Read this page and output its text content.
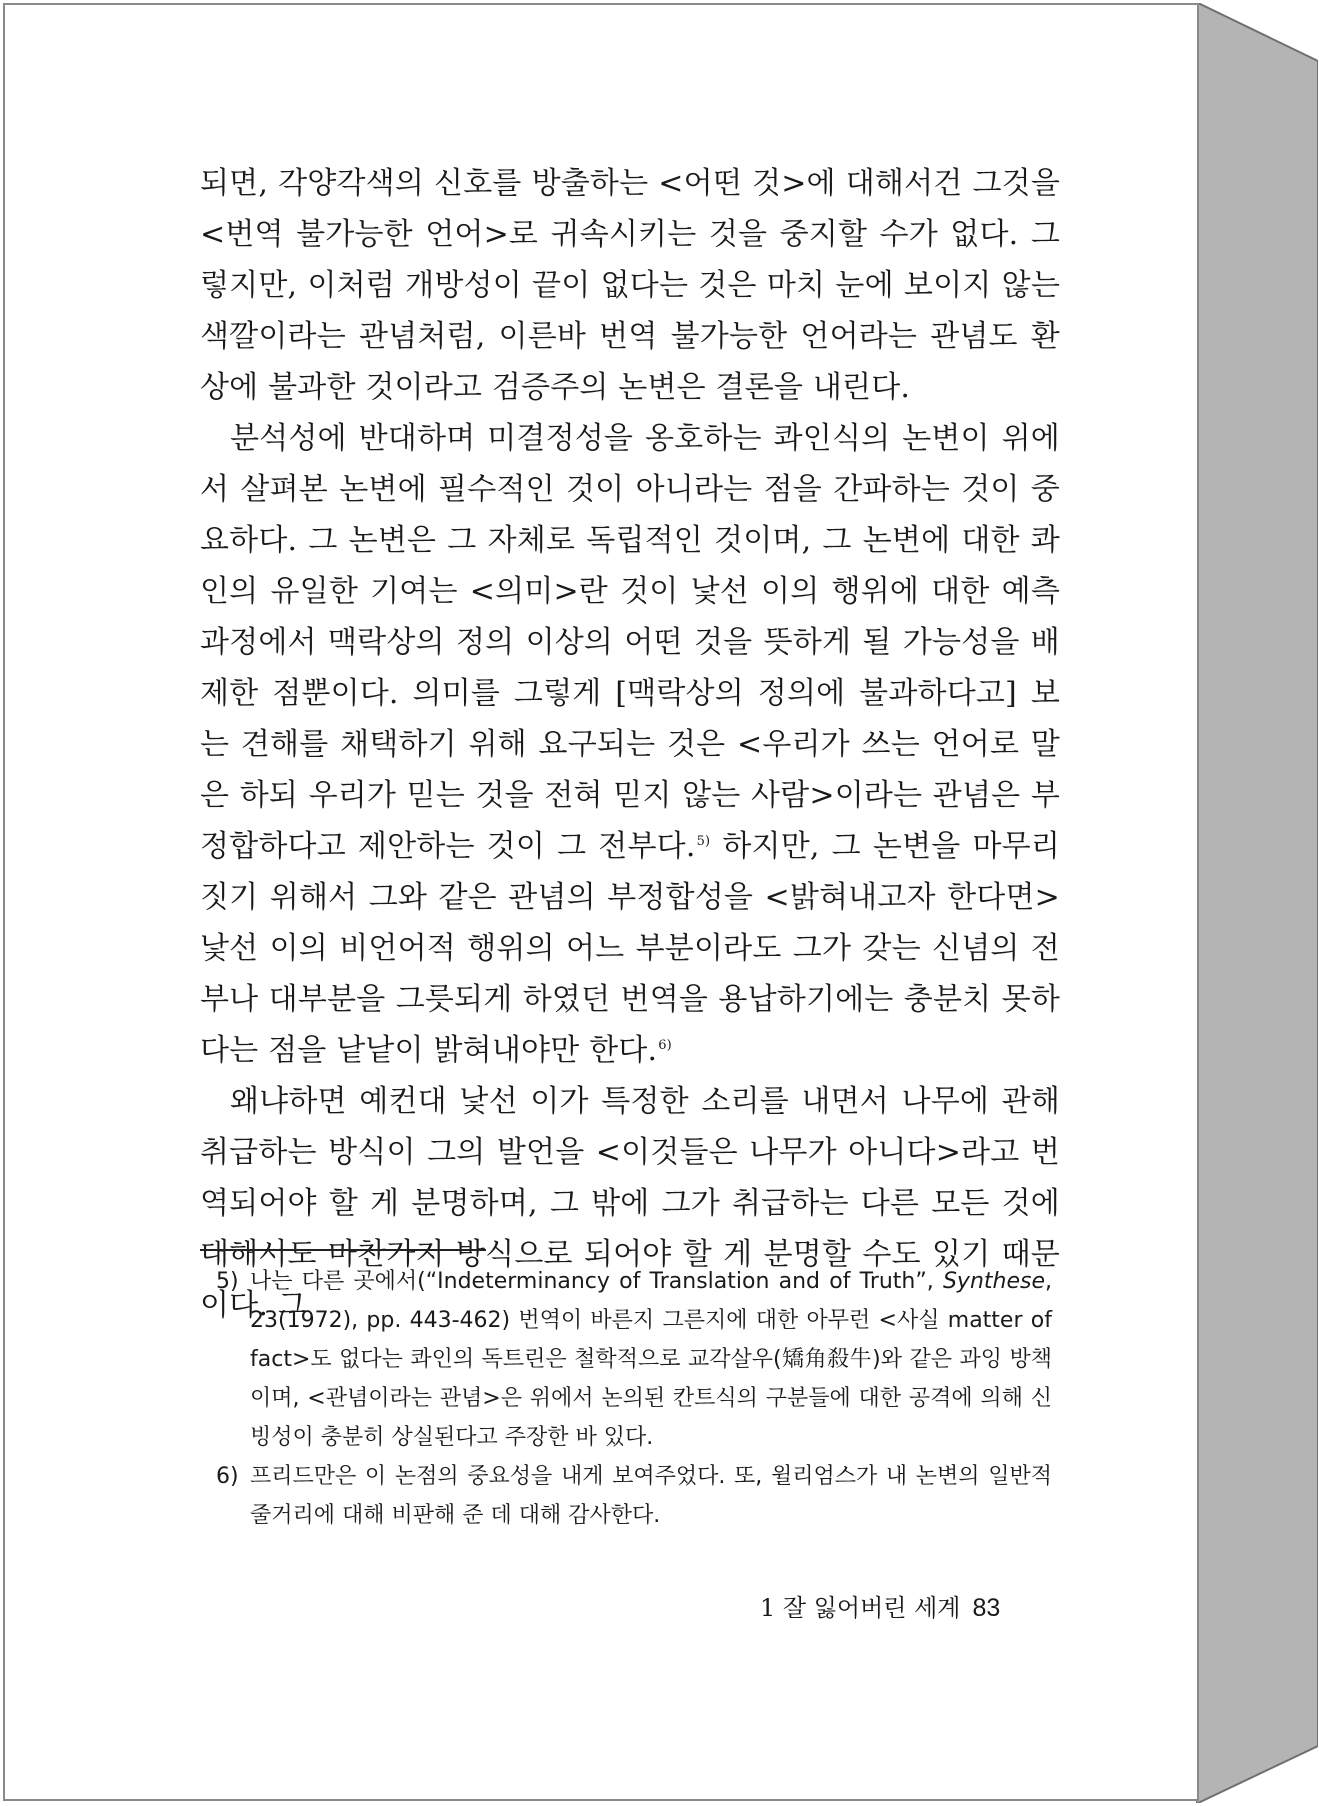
되면, 각양각색의 신호를 방출하는 <어떤 것>에 대해서건 그것을 <번역 불가능한 언어>로 귀속시키는 것을 중지할 수가 없다. 그렇지만, 이처럼 개방성이 끝이 없다는 것은 마치 눈에 보이지 않는 색깔이라는 관념처럼, 이른바 번역 불가능한 언어라는 관념도 환상에 불과한 것이라고 검증주의 논변은 결론을 내린다.

분석성에 반대하며 미결정성을 옹호하는 콰인식의 논변이 위에서 살펴본 논변에 필수적인 것이 아니라는 점을 간파하는 것이 중요하다. 그 논변은 그 자체로 독립적인 것이며, 그 논변에 대한 콰인의 유일한 기여는 <의미>란 것이 낯선 이의 행위에 대한 예측 과정에서 맥락상의 정의 이상의 어떤 것을 뜻하게 될 가능성을 배제한 점뿐이다. 의미를 그렇게 [맥락상의 정의에 불과하다고] 보는 견해를 채택하기 위해 요구되는 것은 <우리가 쓰는 언어로 말은 하되 우리가 믿는 것을 전혀 믿지 않는 사람>이라는 관념은 부정합하다고 제안하는 것이 그 전부다.$^{5)}$ 하지만, 그 논변을 마무리짓기 위해서 그와 같은 관념의 부정합성을 <밝혀내고자 한다면> 낯선 이의 비언어적 행위의 어느 부분이라도 그가 갖는 신념의 전부나 대부분을 그릇되게 하였던 번역을 용납하기에는 충분치 못하다는 점을 낱낱이 밝혀내야만 한다.$^{6)}$

왜냐하면 예컨대 낯선 이가 특정한 소리를 내면서 나무에 관해 취급하는 방식이 그의 발언을 <이것들은 나무가 아니다>라고 번역되어야 할 게 분명하며, 그 밖에 그가 취급하는 다른 모든 것에 대해서도 마찬가지 방식으로 되어야 할 게 분명할 수도 있기 때문이다. 그

5) 나는 다른 곳에서(“Indeterminancy of Translation and of Truth”, Synthese, 23(1972), pp. 443-462) 번역이 바른지 그른지에 대한 아무런 <사실 matter of fact>도 없다는 콰인의 독트린은 철학적으로 교각살우(矯角殺牛)와 같은 과잉 방책이며, <관념이라는 관념>은 위에서 논의된 칸트식의 구분들에 대한 공격에 의해 신빙성이 충분히 상실된다고 주장한 바 있다.
6) 프리드만은 이 논점의 중요성을 내게 보여주었다. 또, 윌리엄스가 내 논변의 일반적 줄거리에 대해 비판해 준 데 대해 감사한다.
1 잘 잃어버린 세계 83
